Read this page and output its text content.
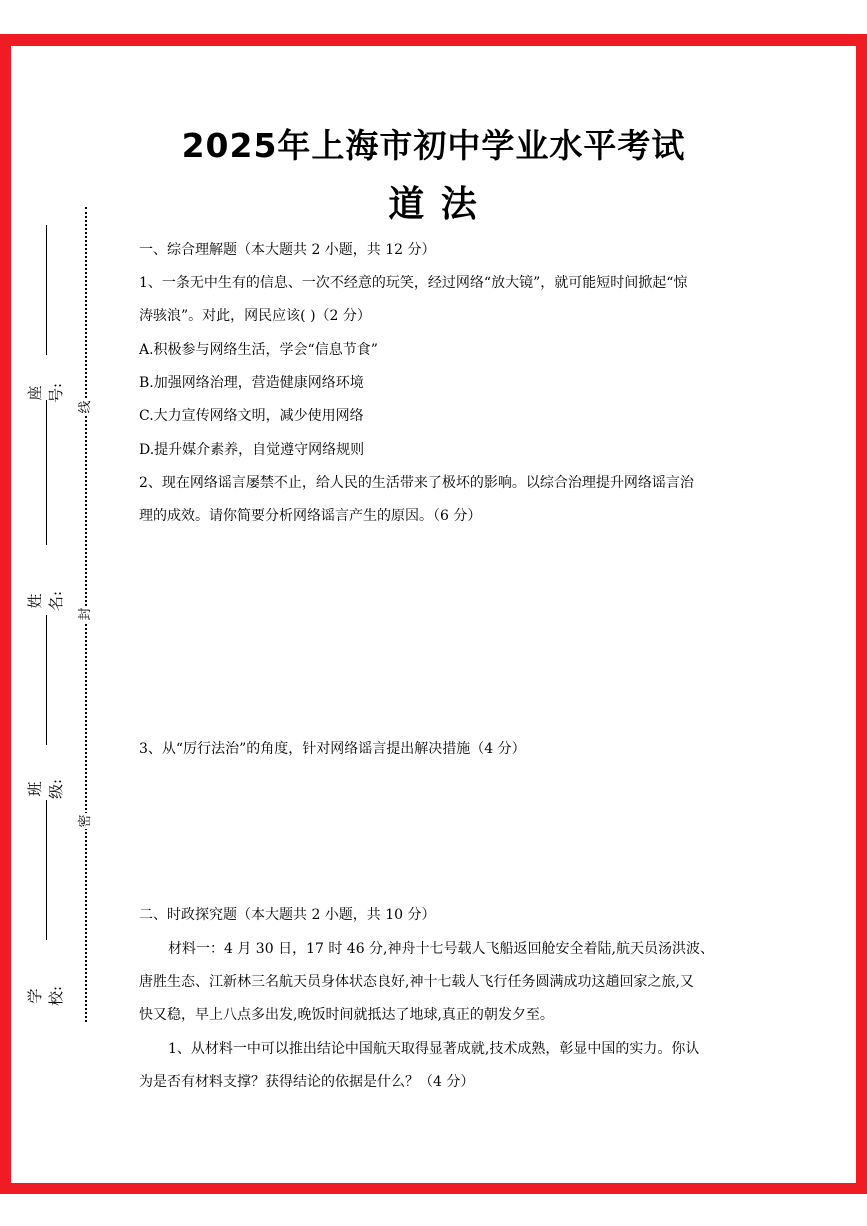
座号:
姓名:
班级:
学校:
线
封
密
2025年上海市初中学业水平考试
道 法
一、综合理解题（本大题共 2 小题，共 12 分）
1、一条无中生有的信息、一次不经意的玩笑，经过网络“放大镜”，就可能短时间掀起“惊
涛骇浪”。对此，网民应该( )（2 分）
A.积极参与网络生活，学会“信息节食”
B.加强网络治理，营造健康网络环境
C.大力宣传网络文明，减少使用网络
D.提升媒介素养，自觉遵守网络规则
2、现在网络谣言屡禁不止，给人民的生活带来了极坏的影响。以综合治理提升网络谣言治
理的成效。请你简要分析网络谣言产生的原因。（6 分）
3、从“厉行法治”的角度，针对网络谣言提出解决措施（4 分）
二、时政探究题（本大题共 2 小题，共 10 分）
材料一：4 月 30 日，17 时 46 分,神舟十七号载人飞船返回舱安全着陆,航天员汤洪波、
唐胜生态、江新林三名航天员身体状态良好,神十七载人飞行任务圆满成功这趟回家之旅,又
快又稳，早上八点多出发,晚饭时间就抵达了地球,真正的朝发夕至。
1、从材料一中可以推出结论中国航天取得显著成就,技术成熟，彰显中国的实力。你认
为是否有材料支撑？获得结论的依据是什么？（4 分）
